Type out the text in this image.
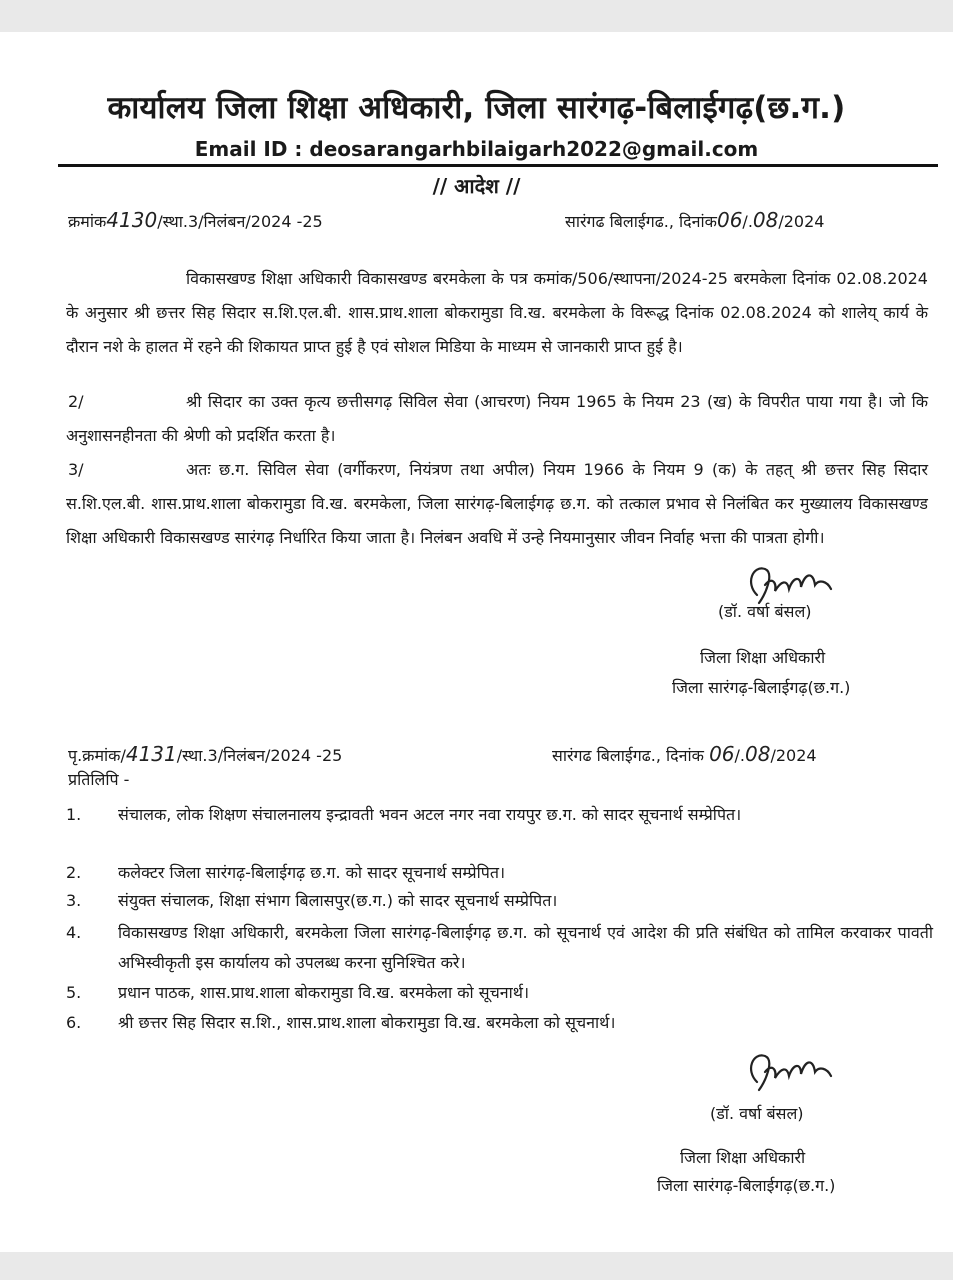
कार्यालय जिला शिक्षा अधिकारी, जिला सारंगढ़-बिलाईगढ़(छ.ग.)
Email ID : deosarangarhbilaigarh2022@gmail.com
// आदेश //
क्रमांक4130/स्था.3/निलंबन/2024 -25	सारंगढ बिलाईगढ., दिनांक06/.08/2024
विकासखण्ड शिक्षा अधिकारी विकासखण्ड बरमकेला के पत्र कमांक/506/स्थापना/2024-25 बरमकेला दिनांक 02.08.2024 के अनुसार श्री छत्तर सिह सिदार स.शि.एल.बी. शास.प्राथ.शाला बोकरामुडा वि.ख. बरमकेला के विरूद्ध दिनांक 02.08.2024 को शालेय् कार्य के दौरान नशे के हालत में रहने की शिकायत प्राप्त हुई है एवं सोशल मिडिया के माध्यम से जानकारी प्राप्त हुई है।
2/	श्री सिदार का उक्त कृत्य छत्तीसगढ़ सिविल सेवा (आचरण) नियम 1965 के नियम 23 (ख) के विपरीत पाया गया है। जो कि अनुशासनहीनता की श्रेणी को प्रदर्शित करता है।
3/	अतः छ.ग. सिविल सेवा (वर्गीकरण, नियंत्रण तथा अपील) नियम 1966 के नियम 9 (क) के तहत् श्री छत्तर सिह सिदार स.शि.एल.बी. शास.प्राथ.शाला बोकरामुडा वि.ख. बरमकेला, जिला सारंगढ़-बिलाईगढ़ छ.ग. को तत्काल प्रभाव से निलंबित कर मुख्यालय विकासखण्ड शिक्षा अधिकारी विकासखण्ड सारंगढ़ निर्धारित किया जाता है। निलंबन अवधि में उन्हे नियमानुसार जीवन निर्वाह भत्ता की पात्रता होगी।
(डॉ. वर्षा बंसल)
जिला शिक्षा अधिकारी
जिला सारंगढ़-बिलाईगढ़(छ.ग.)
पृ.क्रमांक/4131/स्था.3/निलंबन/2024 -25	सारंगढ बिलाईगढ., दिनांक 06/.08/2024
प्रतिलिपि -
1.	संचालक, लोक शिक्षण संचालनालय इन्द्रावती भवन अटल नगर नवा रायपुर छ.ग. को सादर सूचनार्थ सम्प्रेपित।
2.	कलेक्टर जिला सारंगढ़-बिलाईगढ़ छ.ग. को सादर सूचनार्थ सम्प्रेपित।
3.	संयुक्त संचालक, शिक्षा संभाग बिलासपुर(छ.ग.) को सादर सूचनार्थ सम्प्रेपित।
4.	विकासखण्ड शिक्षा अधिकारी, बरमकेला जिला सारंगढ़-बिलाईगढ़ छ.ग. को सूचनार्थ एवं आदेश की प्रति संबंधित को तामिल करवाकर पावती अभिस्वीकृती इस कार्यालय को उपलब्ध करना सुनिश्चित करे।
5.	प्रधान पाठक, शास.प्राथ.शाला बोकरामुडा वि.ख. बरमकेला को सूचनार्थ।
6.	श्री छत्तर सिह सिदार स.शि., शास.प्राथ.शाला बोकरामुडा वि.ख. बरमकेला को सूचनार्थ।
(डॉ. वर्षा बंसल)
जिला शिक्षा अधिकारी
जिला सारंगढ़-बिलाईगढ़(छ.ग.)
